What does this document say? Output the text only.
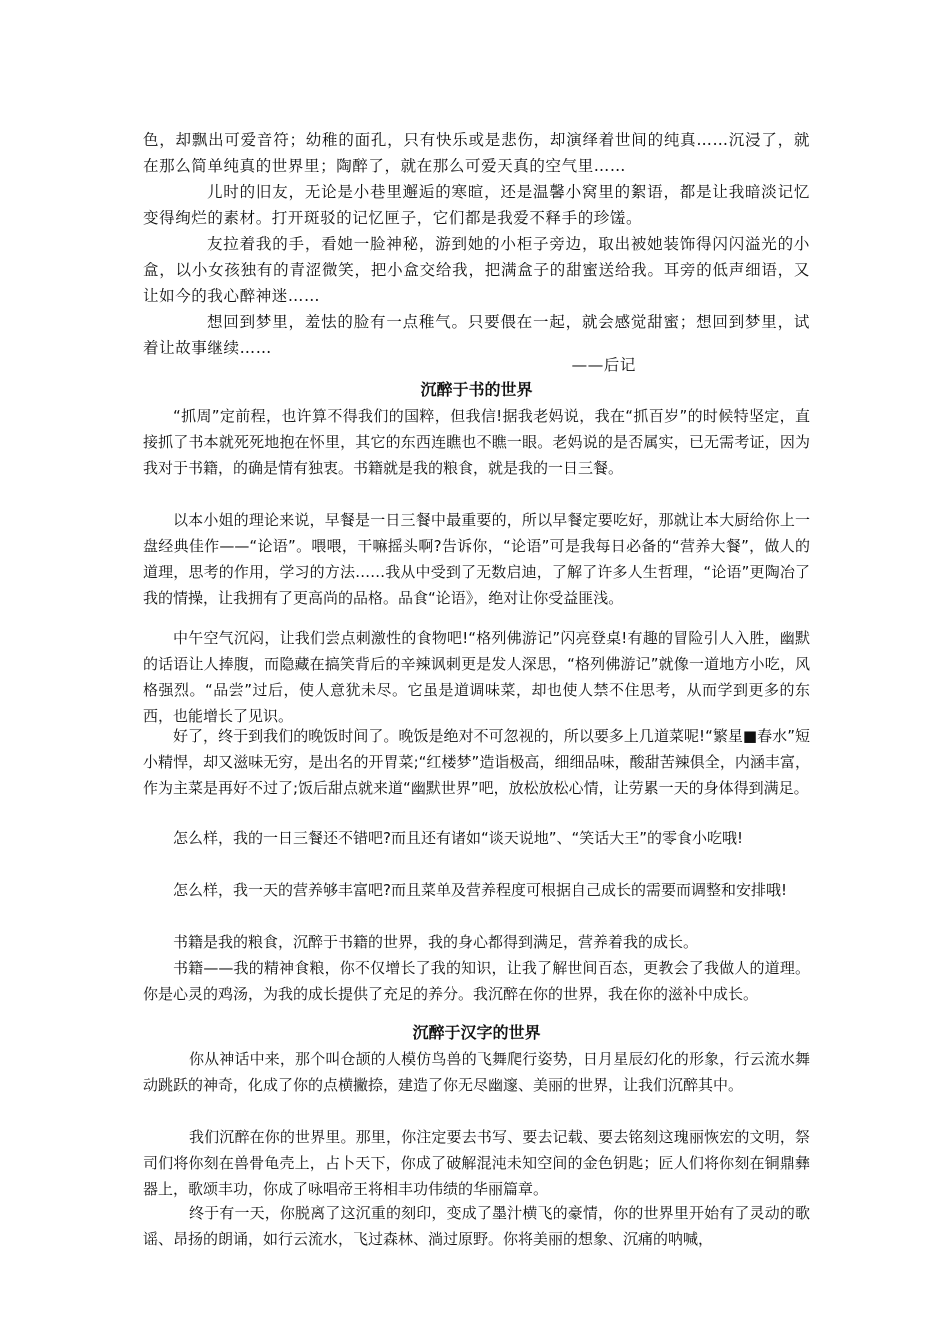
色，却飘出可爱音符；幼稚的面孔，只有快乐或是悲伤，却演绎着世间的纯真……沉浸了，就在那么简单纯真的世界里；陶醉了，就在那么可爱天真的空气里……

儿时的旧友，无论是小巷里邂逅的寒暄，还是温馨小窝里的絮语，都是让我暗淡记忆变得绚烂的素材。打开斑驳的记忆匣子，它们都是我爱不释手的珍馐。

友拉着我的手，看她一脸神秘，游到她的小柜子旁边，取出被她装饰得闪闪溢光的小盒，以小女孩独有的青涩微笑，把小盒交给我，把满盒子的甜蜜送给我。耳旁的低声细语，又让如今的我心醉神迷……

想回到梦里，羞怯的脸有一点稚气。只要偎在一起，就会感觉甜蜜；想回到梦里，试着让故事继续……

——后记

沉醉于书的世界

“抓周”定前程，也许算不得我们的国粹，但我信!据我老妈说，我在“抓百岁”的时候特坚定，直接抓了书本就死死地抱在怀里，其它的东西连瞧也不瞧一眼。老妈说的是否属实，已无需考证，因为我对于书籍，的确是情有独衷。书籍就是我的粮食，就是我的一日三餐。

以本小姐的理论来说，早餐是一日三餐中最重要的，所以早餐定要吃好，那就让本大厨给你上一盘经典佳作——“论语”。喂喂，干嘛摇头啊?告诉你，“论语”可是我每日必备的“营养大餐”，做人的道理，思考的作用，学习的方法……我从中受到了无数启迪，了解了许多人生哲理，“论语”更陶冶了我的情操，让我拥有了更高尚的品格。品食“论语》，绝对让你受益匪浅。

中午空气沉闷，让我们尝点刺激性的食物吧!“格列佛游记”闪亮登桌!有趣的冒险引人入胜，幽默的话语让人捧腹，而隐藏在搞笑背后的辛辣讽刺更是发人深思，“格列佛游记”就像一道地方小吃，风格强烈。“品尝”过后，使人意犹未尽。它虽是道调味菜，却也使人禁不住思考，从而学到更多的东西，也能增长了见识。

好了，终于到我们的晚饭时间了。晚饭是绝对不可忽视的，所以要多上几道菜呢!“繁星■春水”短小精悍，却又滋味无穷，是出名的开胃菜;“红楼梦”造诣极高，细细品味，酸甜苦辣俱全，内涵丰富，作为主菜是再好不过了;饭后甜点就来道“幽默世界”吧，放松放松心情，让劳累一天的身体得到满足。

怎么样，我的一日三餐还不错吧?而且还有诸如“谈天说地”、“笑话大王”的零食小吃哦!

怎么样，我一天的营养够丰富吧?而且菜单及营养程度可根据自己成长的需要而调整和安排哦!

书籍是我的粮食，沉醉于书籍的世界，我的身心都得到满足，营养着我的成长。

书籍——我的精神食粮，你不仅增长了我的知识，让我了解世间百态，更教会了我做人的道理。你是心灵的鸡汤，为我的成长提供了充足的养分。我沉醉在你的世界，我在你的滋补中成长。

沉醉于汉字的世界

你从神话中来，那个叫仓颉的人模仿鸟兽的飞舞爬行姿势，日月星辰幻化的形象，行云流水舞动跳跃的神奇，化成了你的点横撇捺，建造了你无尽幽邃、美丽的世界，让我们沉醉其中。

我们沉醉在你的世界里。那里，你注定要去书写、要去记载、要去铭刻这瑰丽恢宏的文明，祭司们将你刻在兽骨龟壳上，占卜天下，你成了破解混沌未知空间的金色钥匙；匠人们将你刻在铜鼎彝器上，歌颂丰功，你成了咏唱帝王将相丰功伟绩的华丽篇章。

终于有一天，你脱离了这沉重的刻印，变成了墨汁横飞的豪情，你的世界里开始有了灵动的歌谣、昂扬的朗诵，如行云流水，飞过森林、淌过原野。你将美丽的想象、沉痛的呐喊，
